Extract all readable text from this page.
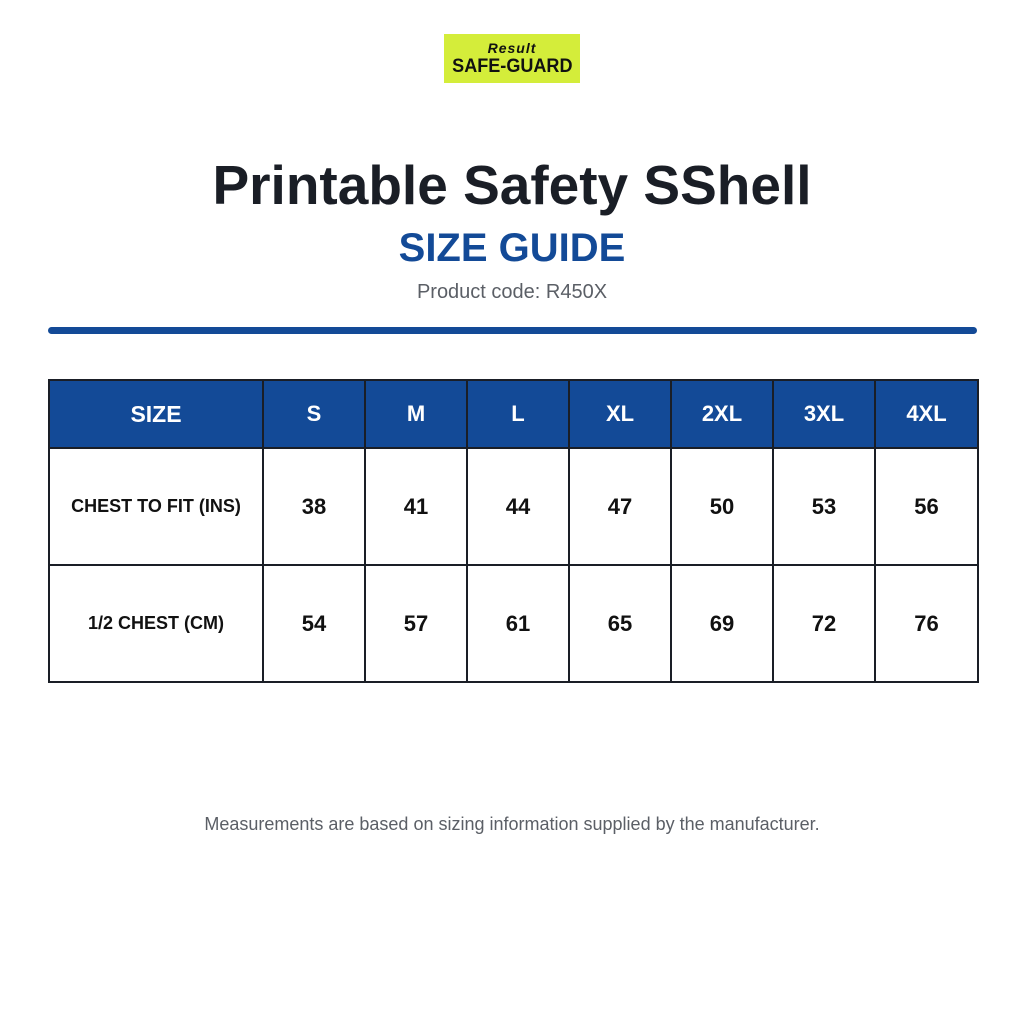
Result
SAFE-GUARD
Printable Safety SShell
SIZE GUIDE
Product code: R450X
SIZE	S	M	L	XL	2XL	3XL	4XL
CHEST TO FIT (INS)	38	41	44	47	50	53	56
1/2 CHEST (CM)	54	57	61	65	69	72	76
Measurements are based on sizing information supplied by the manufacturer.
